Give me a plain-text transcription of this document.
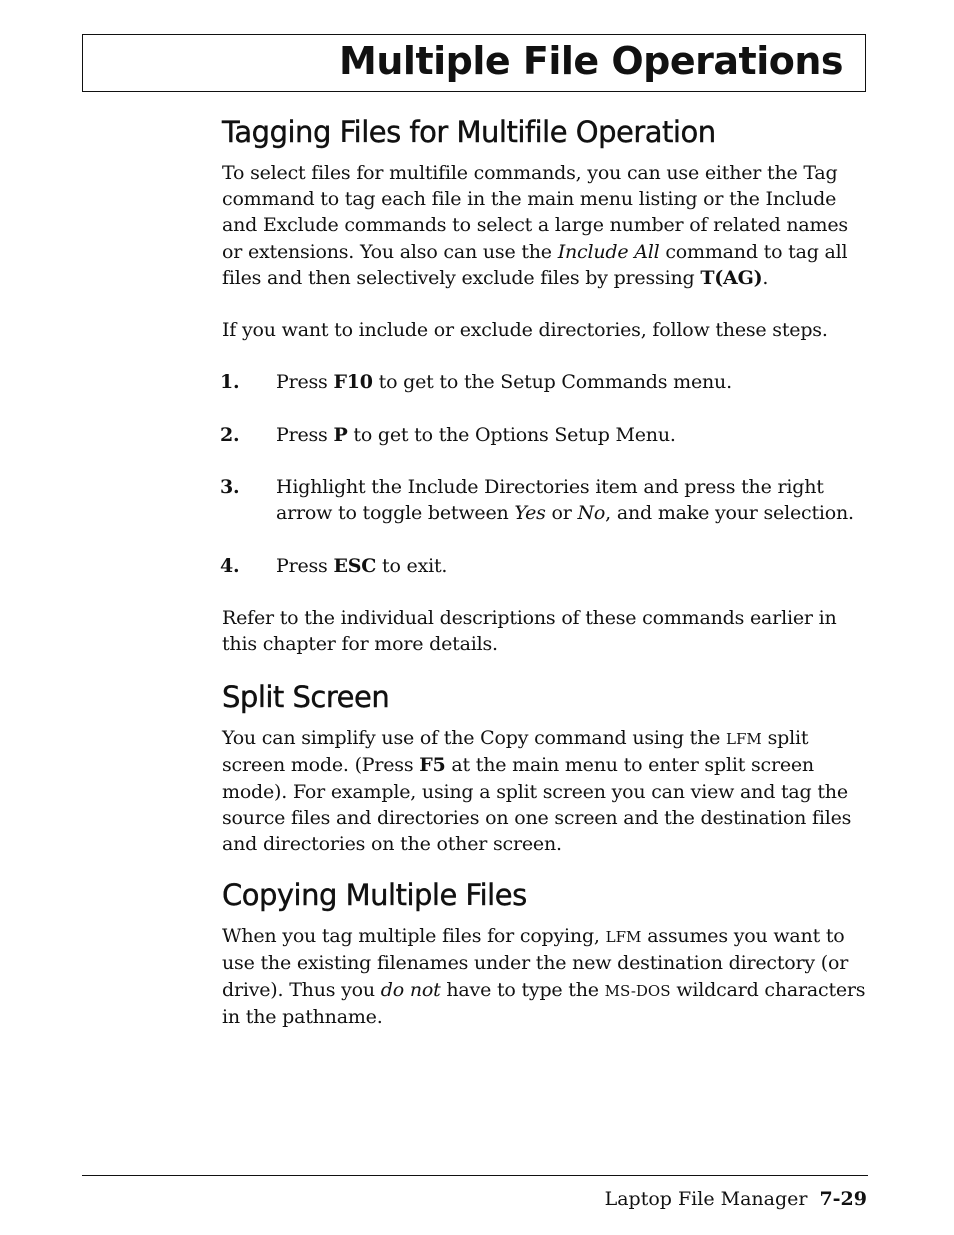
Multiple File Operations
Tagging Files for Multifile Operation

To select files for multifile commands, you can use either the Tag command to tag each file in the main menu listing or the Include and Exclude commands to select a large number of related names or extensions. You also can use the Include All command to tag all files and then selectively exclude files by pressing T(AG).

If you want to include or exclude directories, follow these steps.

1. Press F10 to get to the Setup Commands menu.
2. Press P to get to the Options Setup Menu.
3. Highlight the Include Directories item and press the right arrow to toggle between Yes or No, and make your selection.
4. Press ESC to exit.

Refer to the individual descriptions of these commands earlier in this chapter for more details.

Split Screen

You can simplify use of the Copy command using the LFM split screen mode. (Press F5 at the main menu to enter split screen mode). For example, using a split screen you can view and tag the source files and directories on one screen and the destination files and directories on the other screen.

Copying Multiple Files

When you tag multiple files for copying, LFM assumes you want to use the existing filenames under the new destination directory (or drive). Thus you do not have to type the MS-DOS wildcard characters in the pathname.

Laptop File Manager 7-29
